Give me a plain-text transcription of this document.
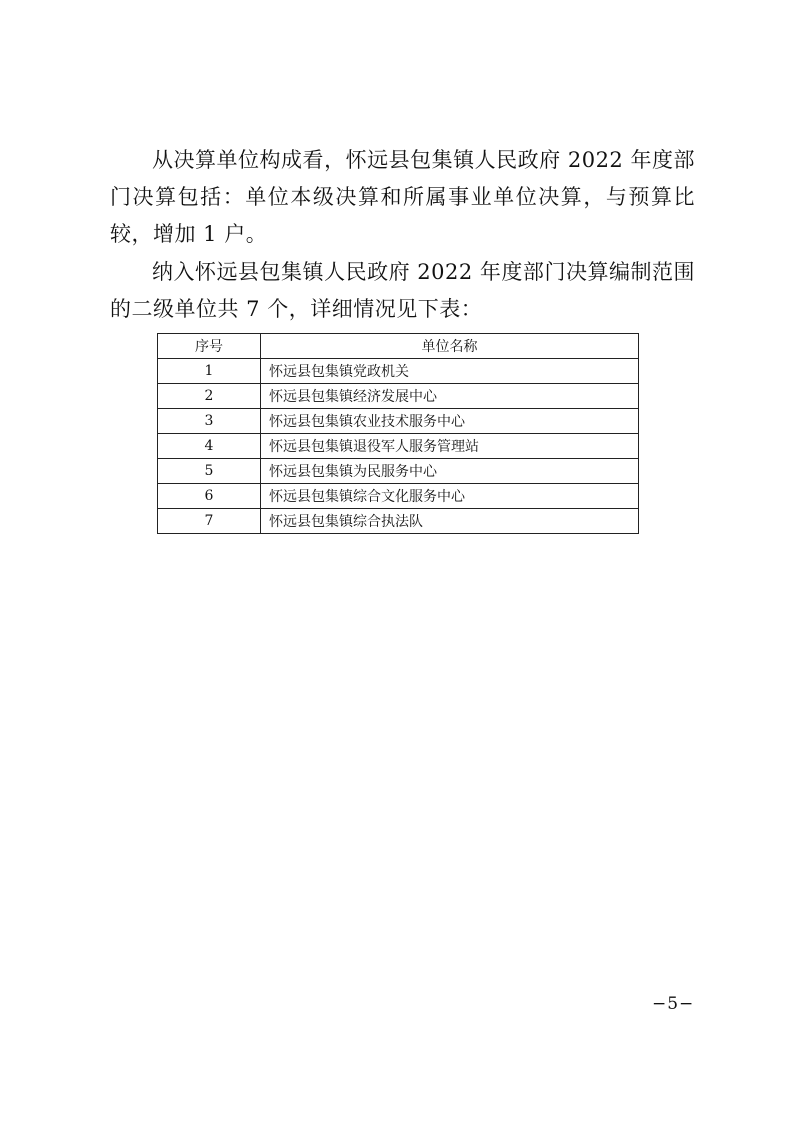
从决算单位构成看，怀远县包集镇人民政府 2022 年度部门决算包括：单位本级决算和所属事业单位决算，与预算比较，增加 1 户。

纳入怀远县包集镇人民政府 2022 年度部门决算编制范围的二级单位共 7 个，详细情况见下表：

序号	单位名称
1	怀远县包集镇党政机关
2	怀远县包集镇经济发展中心
3	怀远县包集镇农业技术服务中心
4	怀远县包集镇退役军人服务管理站
5	怀远县包集镇为民服务中心
6	怀远县包集镇综合文化服务中心
7	怀远县包集镇综合执法队
−5−
